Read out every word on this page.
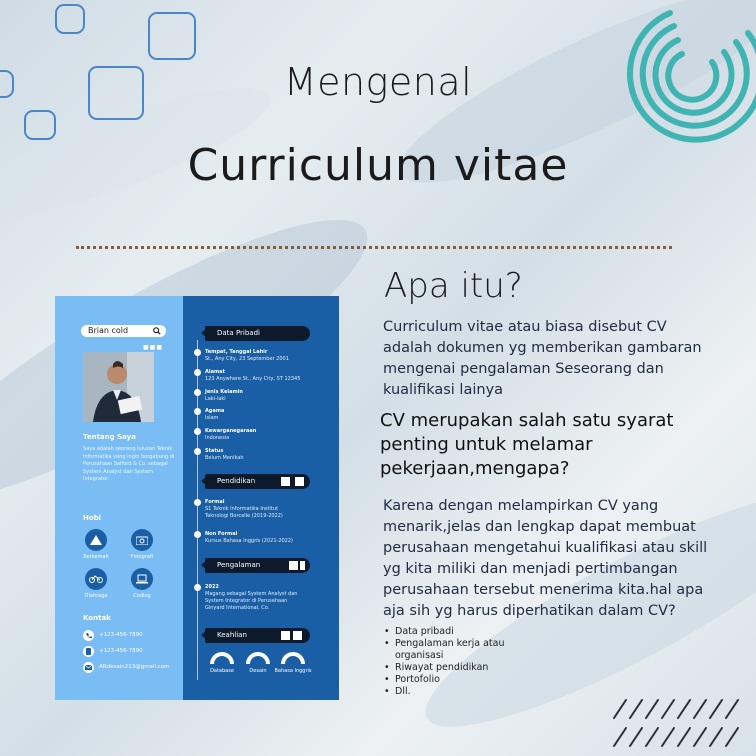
Mengenal
Curriculum vitae
Brian cold
■■■
Tentang Saya
Saya adalah seorang lulusan Teknik Informatika yang ingin bergabung di Perusahaan Salford & Co. sebagai System Analyst dan System Integrator.
Hobi
Berkemah	Fotografi
Olahraga	Coding
Kontak
+123-456-7890
+123-456-7890
ARdesain213@gmail.com
Data Pribadi
Tempat, Tanggal Lahir
St., Any City, 23 September 2001
Alamat
123 Anywhere St., Any City, ST 12345
Jenis Kelamin
Laki-laki
Agama
Islam
Kewarganegaraan
Indonesia
Status
Belum Menikah
Pendidikan
Formal
S1 Teknik Informatika Institut Teknologi Borcelle (2019-2022)
Non Formal
Kursus Bahasa Inggris (2021-2022)
Pengalaman
2022
Magang sebagai System Analyst dan System Integrator di Perusahaan Ginyard International, Co.
Keahlian
Database	Desain	Bahasa Inggris
Apa itu?
Curriculum vitae atau biasa disebut CV adalah dokumen yg memberikan gambaran mengenai pengalaman Seseorang dan kualifikasi lainya
CV merupakan salah satu syarat penting untuk melamar pekerjaan,mengapa?
Karena dengan melampirkan CV yang menarik,jelas dan lengkap dapat membuat perusahaan mengetahui kualifikasi atau skill yg kita miliki dan menjadi pertimbangan perusahaan tersebut menerima kita.hal apa aja sih yg harus diperhatikan dalam CV?
• Data pribadi
• Pengalaman kerja atau organisasi
• Riwayat pendidikan
• Portofolio
• Dll.
